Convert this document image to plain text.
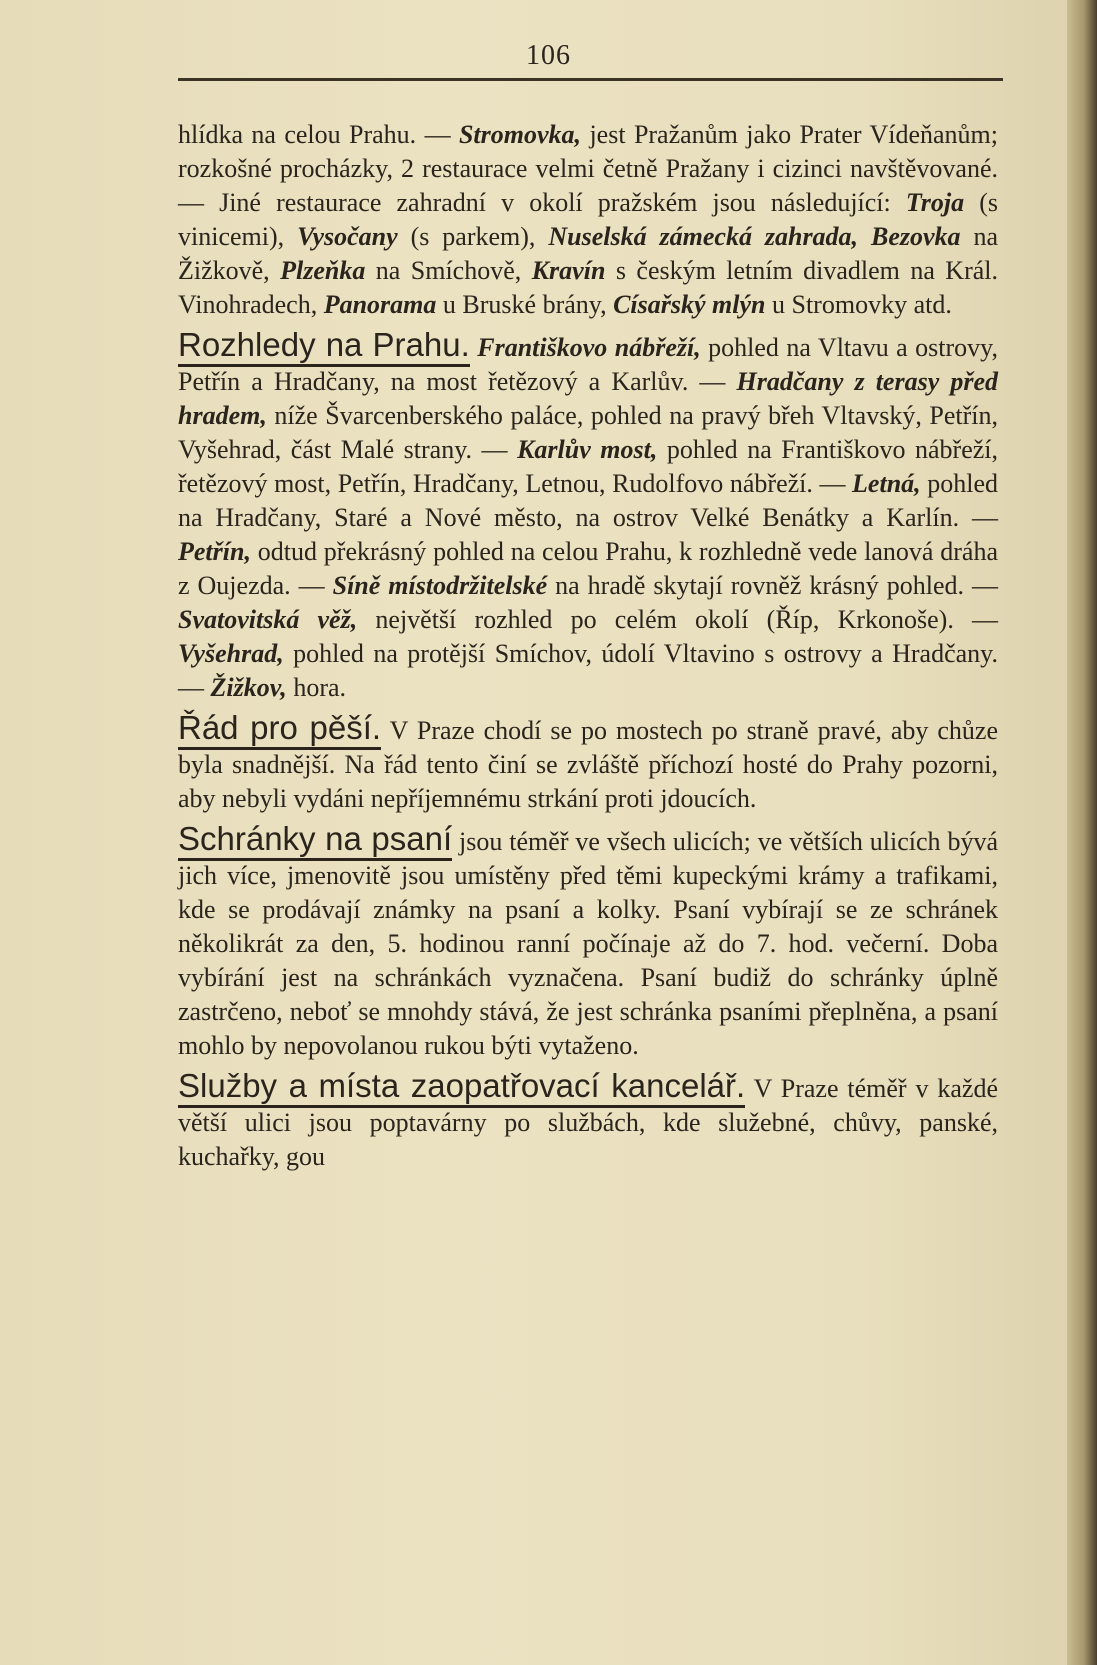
106

hlídka na celou Prahu. — Stromovka, jest Pražanům jako Prater Vídeňanům; rozkošné procházky, 2 restaurace velmi četně Pražany i cizinci navštěvované. — Jiné restaurace zahradní v okolí pražském jsou následující: Troja (s vinicemi), Vysočany (s parkem), Nuselská zámecká zahrada, Bezovka na Žižkově, Plzeňka na Smíchově, Kravín s českým letním divadlem na Král. Vinohradech, Panorama u Bruské brány, Císařský mlýn u Stromovky atd.

Rozhledy na Prahu. Františkovo nábřeží, pohled na Vltavu a ostrovy, Petřín a Hradčany, na most řetězový a Karlův. — Hradčany z terasy před hradem, níže Švarcenberského paláce, pohled na pravý břeh Vltavský, Petřín, Vyšehrad, část Malé strany. — Karlův most, pohled na Františkovo nábřeží, řetězový most, Petřín, Hradčany, Letnou, Rudolfovo nábřeží. — Letná, pohled na Hradčany, Staré a Nové město, na ostrov Velké Benátky a Karlín. — Petřín, odtud překrásný pohled na celou Prahu, k rozhledně vede lanová dráha z Oujezda. — Síně místodržitelské na hradě skytají rovněž krásný pohled. — Svatovitská věž, největší rozhled po celém okolí (Říp, Krkonoše). — Vyšehrad, pohled na protější Smíchov, údolí Vltavino s ostrovy a Hradčany. — Žižkov, hora.

Řád pro pěší. V Praze chodí se po mostech po straně pravé, aby chůze byla snadnější. Na řád tento činí se zvláště příchozí hosté do Prahy pozorni, aby nebyli vydáni nepříjemnému strkání proti jdoucích.

Schránky na psaní jsou téměř ve všech ulicích; ve větších ulicích bývá jich více, jmenovitě jsou umístěny před těmi kupeckými krámy a trafikami, kde se prodávají známky na psaní a kolky. Psaní vybírají se ze schránek několikrát za den, 5. hodinou ranní počínaje až do 7. hod. večerní. Doba vybírání jest na schránkách vyznačena. Psaní budiž do schránky úplně zastrčeno, neboť se mnohdy stává, že jest schránka psaními přeplněna, a psaní mohlo by nepovolanou rukou býti vytaženo.

Služby a místa zaopatřovací kancelář. V Praze téměř v každé větší ulici jsou poptavárny po službách, kde služebné, chůvy, panské, kuchařky, gou
